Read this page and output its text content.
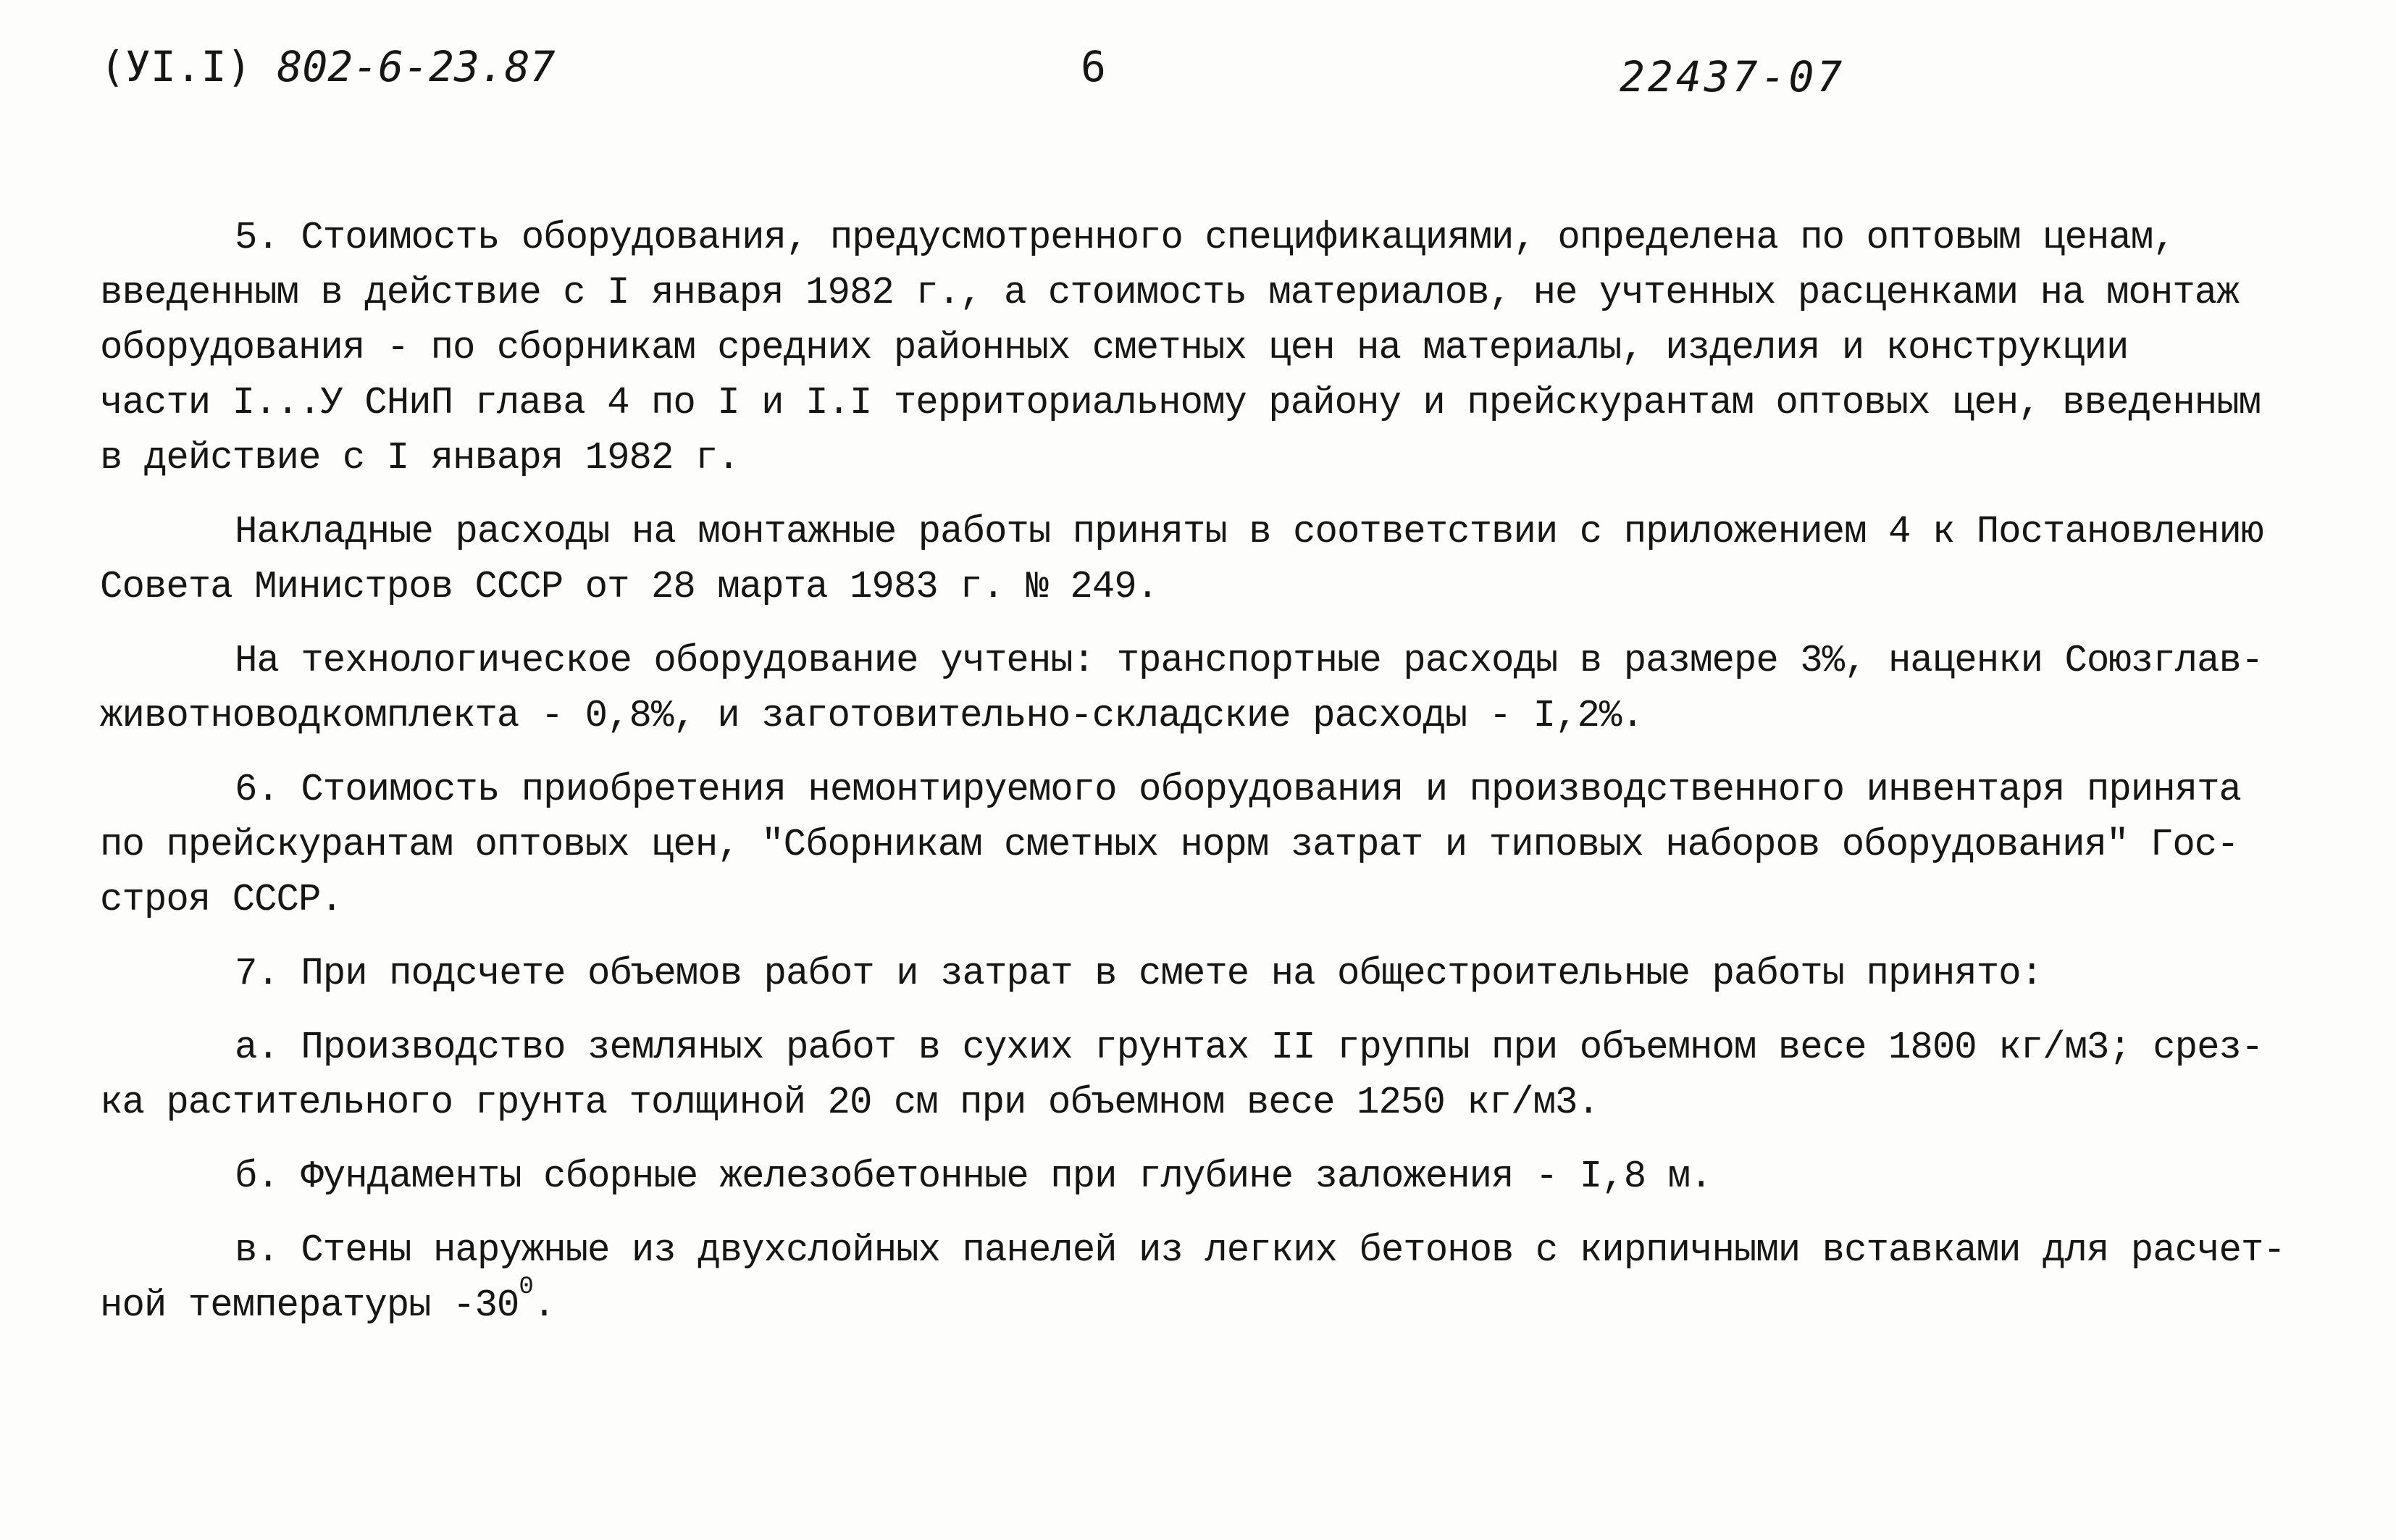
(УI.I) 802-6-23.87	6	22437-07
5. Стоимость оборудования, предусмотренного спецификациями, определена по оптовым ценам,
введенным в действие с I января 1982 г., а стоимость материалов, не учтенных расценками на монтаж
оборудования - по сборникам средних районных сметных цен на материалы, изделия и конструкции
части I...У СНиП глава 4 по I и I.I территориальному району и прейскурантам оптовых цен, введенным
в действие с I января 1982 г.
Накладные расходы на монтажные работы приняты в соответствии с приложением 4 к Постановлению
Совета Министров СССР от 28 марта 1983 г. № 249.
На технологическое оборудование учтены: транспортные расходы в размере 3%, наценки Союзглав-
животноводкомплекта - 0,8%, и заготовительно-складские расходы - I,2%.
6. Стоимость приобретения немонтируемого оборудования и производственного инвентаря принята
по прейскурантам оптовых цен, "Сборникам сметных норм затрат и типовых наборов оборудования" Гос-
строя СССР.
7. При подсчете объемов работ и затрат в смете на общестроительные работы принято:
а. Производство земляных работ в сухих грунтах II группы при объемном весе 1800 кг/м3; срез-
ка растительного грунта толщиной 20 см при объемном весе 1250 кг/м3.
б. Фундаменты сборные железобетонные при глубине заложения - I,8 м.
в. Стены наружные из двухслойных панелей из легких бетонов с кирпичными вставками для расчет-
ной температуры $-30^0$.
